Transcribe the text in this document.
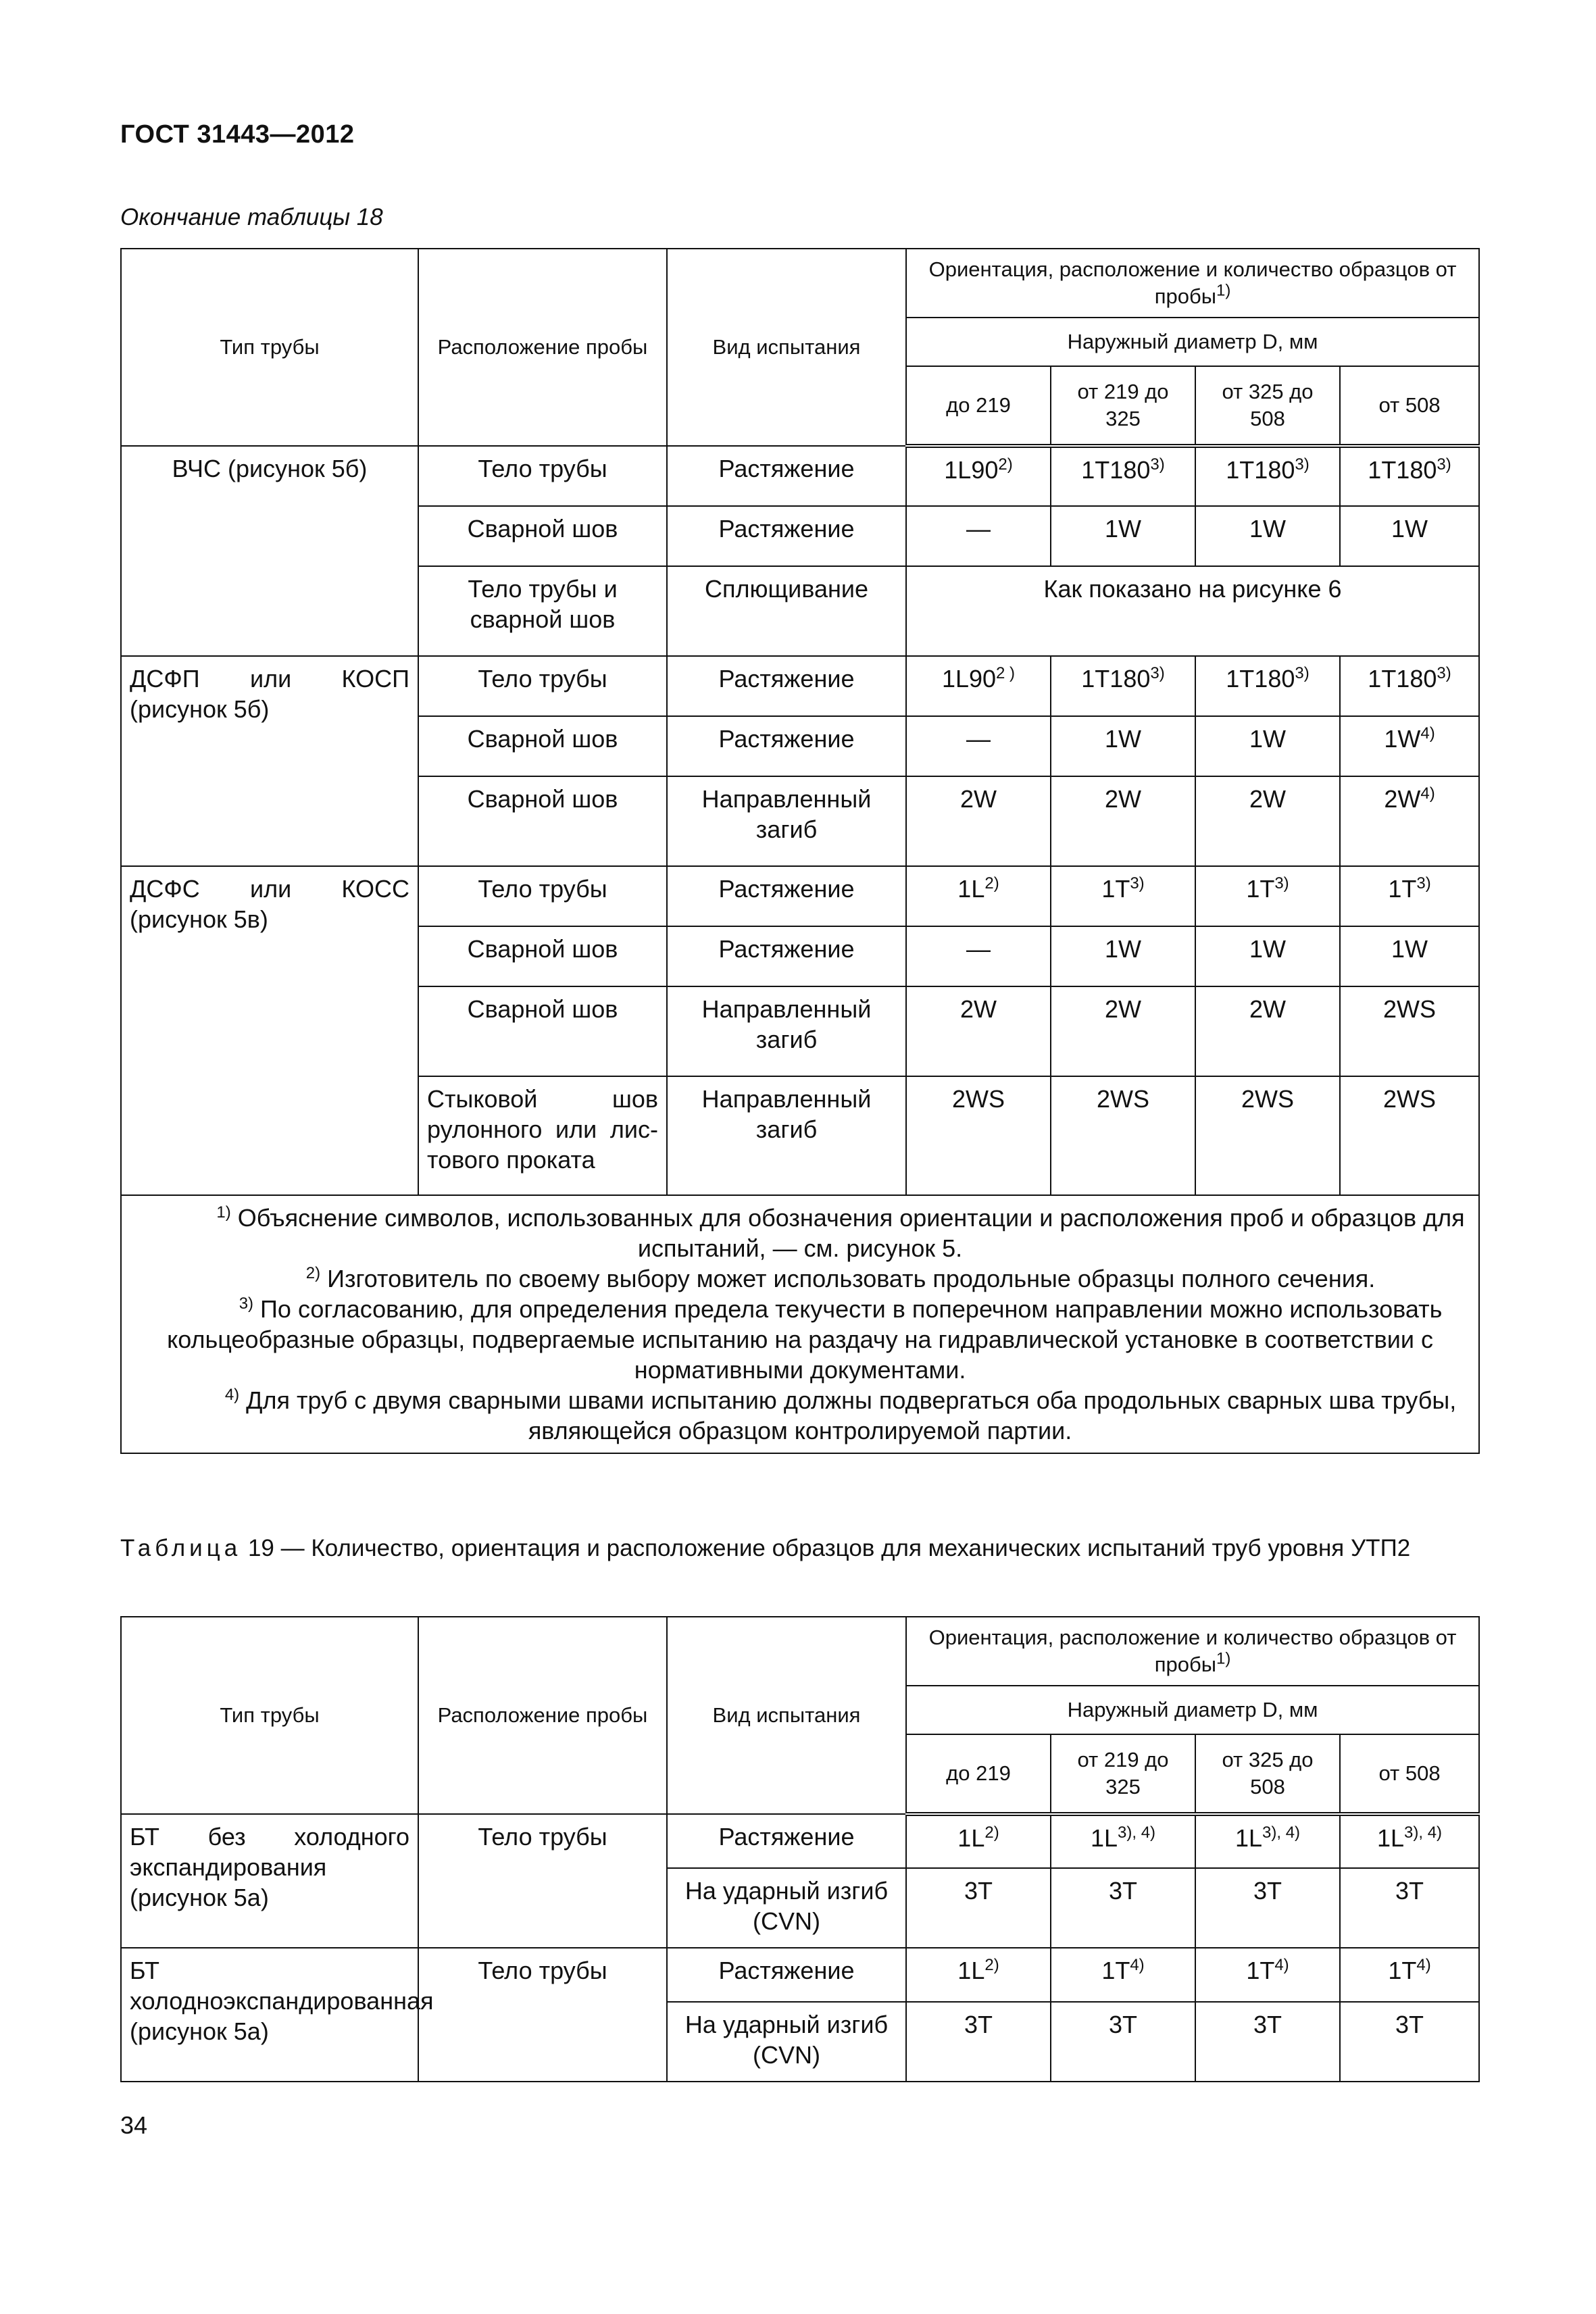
ГОСТ 31443—2012
Окончание таблицы 18
Тип трубы	Расположение пробы	Вид испытания	Ориентация, расположение и количество образцов от пробы$^{1)}$
			Наружный диаметр D, мм			
			до 219	от 219 до 325	от 325 до 508	от 508
ВЧС (рисунок 5б)	Тело трубы	Растяжение	1L90$^{2)}$	1T180$^{3)}$	1T180$^{3)}$	1T180$^{3)}$
	Сварной шов	Растяжение	—	1W	1W	1W
	Тело трубы и сварной шов	Сплющивание	Как показано на рисунке 6			
ДСФП или КОСП (рисунок 5б)	Тело трубы	Растяжение	$1L90^{2 )}$	1T180$^{3)}$	1T180$^{3)}$	1T180$^{3)}$
	Сварной шов	Растяжение	—	1W	1W	$1W^{4)}$
	Сварной шов	Направленный загиб	2W	2W	2W	$2W^{4)}$
ДСФС или КОСС (рисунок 5в)	Тело трубы	Растяжение	$1L^{2)}$	$1T^{3)}$	$1T^{3)}$	$1T^{3)}$
	Сварной шов	Растяжение	—	1W	1W	1W
	Сварной шов	Направленный загиб	2W	2W	2W	2WS
	Стыковой шов рулонного или лис-тового проката	Направленный загиб	2WS	2WS	2WS	2WS

$^{1)}$ Объяснение символов, использованных для обозначения ориентации и расположения проб и образцов для испытаний, — см. рисунок 5.
$^{2)}$ Изготовитель по своему выбору может использовать продольные образцы полного сечения.
$^{3)}$ По согласованию, для определения предела текучести в поперечном направлении можно использовать кольцеобразные образцы, подвергаемые испытанию на раздачу на гидравлической установке в соответствии с нормативными документами.
$^{4)}$ Для труб с двумя сварными швами испытанию должны подвергаться оба продольных сварных шва трубы, являющейся образцом контролируемой партии.						
Таблица 19 — Количество, ориентация и расположение образцов для механических испытаний труб уровня УТП2
Тип трубы	Расположение пробы	Вид испытания	Ориентация, расположение и количество образцов от пробы$^{1)}$
			Наружный диаметр D, мм			
			до 219	от 219 до 325	от 325 до 508	от 508
БТ без холодного экспандирования (рисунок 5а)	Тело трубы	Растяжение	$1L^{2)}$	$1L^{3), 4)}$	$1L^{3), 4)}$	$1L^{3), 4)}$
		На ударный изгиб (CVN)	3T	3T	3T	3T
БТ холодноэкспандированная (рисунок 5а)	Тело трубы	Растяжение	$1L^{2)}$	$1T^{4)}$	$1T^{4)}$	$1T^{4)}$
		На ударный изгиб (CVN)	3T	3T	3T	3T
34
